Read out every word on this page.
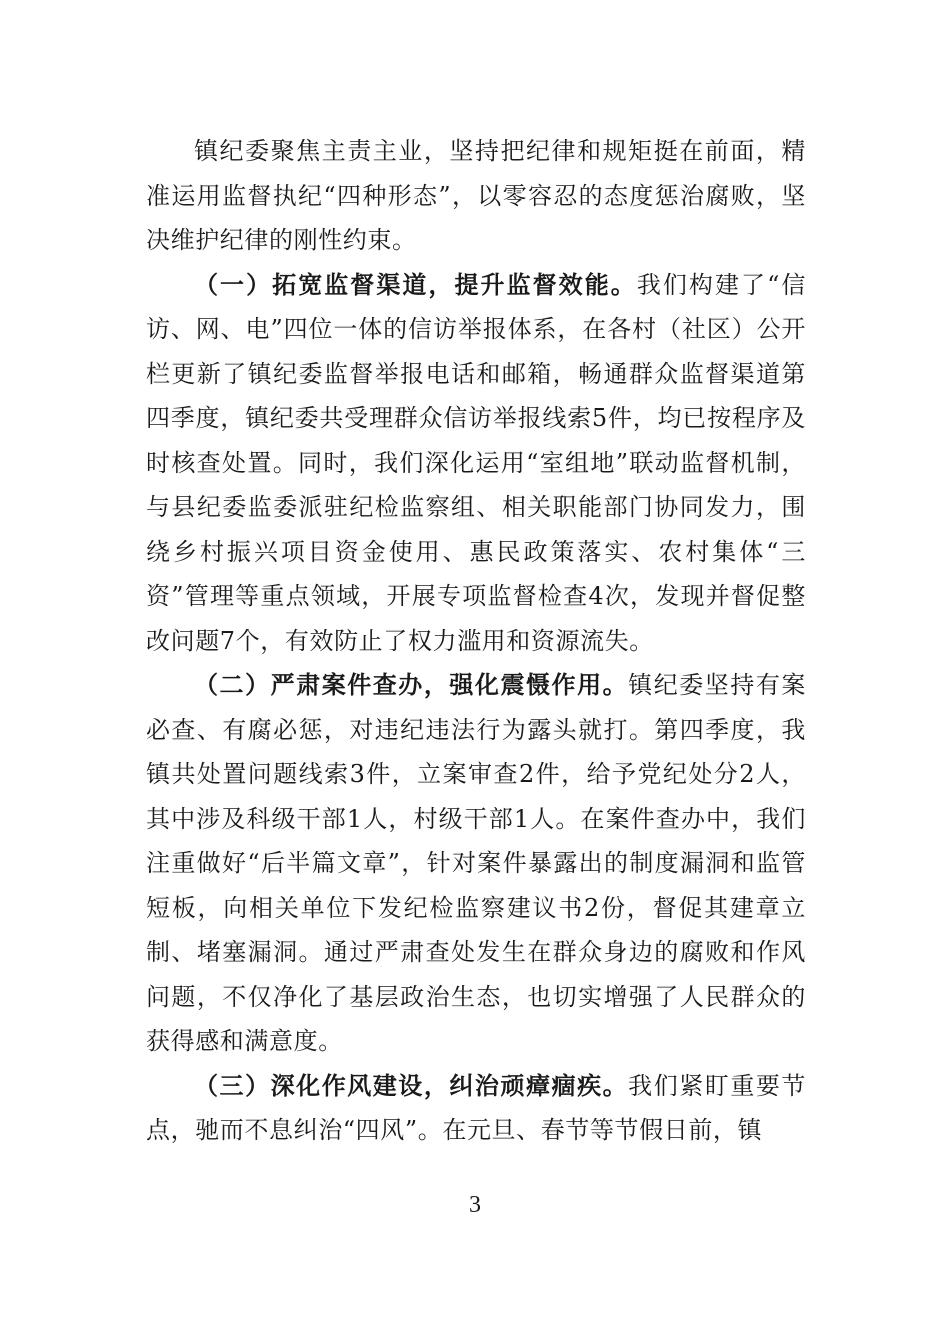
镇纪委聚焦主责主业，坚持把纪律和规矩挺在前面，精准运用监督执纪“四种形态”，以零容忍的态度惩治腐败，坚决维护纪律的刚性约束。

（一）拓宽监督渠道，提升监督效能。我们构建了“信访、网、电”四位一体的信访举报体系，在各村（社区）公开栏更新了镇纪委监督举报电话和邮箱，畅通群众监督渠道第四季度，镇纪委共受理群众信访举报线索5件，均已按程序及时核查处置。同时，我们深化运用“室组地”联动监督机制，与县纪委监委派驻纪检监察组、相关职能部门协同发力，围绕乡村振兴项目资金使用、惠民政策落实、农村集体“三资”管理等重点领域，开展专项监督检查4次，发现并督促整改问题7个，有效防止了权力滥用和资源流失。

（二）严肃案件查办，强化震慑作用。镇纪委坚持有案必查、有腐必惩，对违纪违法行为露头就打。第四季度，我镇共处置问题线索3件，立案审查2件，给予党纪处分2人，其中涉及科级干部1人，村级干部1人。在案件查办中，我们注重做好“后半篇文章”，针对案件暴露出的制度漏洞和监管短板，向相关单位下发纪检监察建议书2份，督促其建章立制、堵塞漏洞。通过严肃查处发生在群众身边的腐败和作风问题，不仅净化了基层政治生态，也切实增强了人民群众的获得感和满意度。

（三）深化作风建设，纠治顽瘴痼疾。我们紧盯重要节点，驰而不息纠治“四风”。在元旦、春节等节假日前，镇

3
